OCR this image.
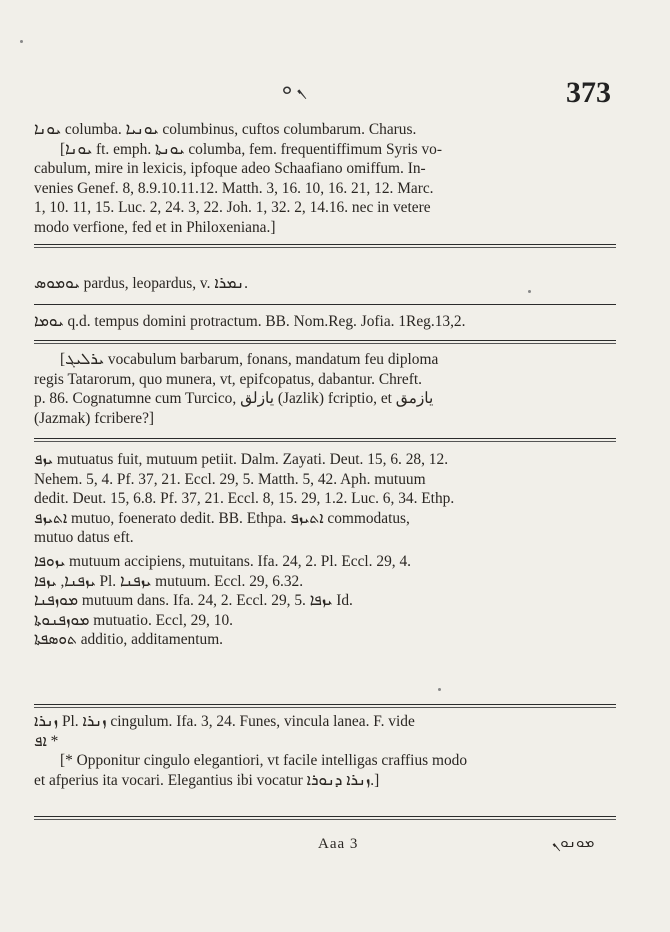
ܢ ܘ	373
ܝܘܢܐ columba. ܝܘܢܝܐ columbinus, cuftos columbarum. Charus.
[ܝܘܢܐ ft. emph. ܝܘܢܬܐ columba, fem. frequentiffimum Syris vo-
cabulum, mire in lexicis, ipfoque adeo Schaafiano omiffum. In-
venies Genef. 8, 8.9.10.11.12. Matth. 3, 16. 10, 16. 21, 12. Marc.
1, 10. 11, 15. Luc. 2, 24. 3, 22. Joh. 1, 32. 2, 14.16. nec in vetere
modo verfione, fed et in Philoxeniana.]
ܝܘܡܘܣ pardus, leopardus, v. ܢܡܪܐ.
ܝܘܡܐ q.d. tempus domini protractum. BB. Nom.Reg. Jofia. 1Reg.13,2.
[ܝܪܠܝܓ vocabulum barbarum, fonans, mandatum feu diploma
regis Tatarorum, quo munera, vt, epifcopatus, dabantur. Chreft.
p. 86. Cognatumne cum Turcico, یازلق (Jazlik) fcriptio, et یازمق
(Jazmak) fcribere?]
ܝܙܦ mutuatus fuit, mutuum petiit. Dalm. Zayati. Deut. 15, 6. 28, 12.
Nehem. 5, 4. Pf. 37, 21. Eccl. 29, 5. Matth. 5, 42. Aph. mutuum
dedit. Deut. 15, 6.8. Pf. 37, 21. Eccl. 8, 15. 29, 1.2. Luc. 6, 34. Ethp.
ܐܬܝܙܦ mutuo, foenerato dedit. BB. Ethpa. ܐܬܝܙܦ commodatus,
mutuo datus eft.
ܝܙܘܦܐ mutuum accipiens, mutuitans. Ifa. 24, 2. Pl. Eccl. 29, 4.
ܝܙܦܢܐ, ܝܙܦܐ Pl. ܝܙܦܢܐ mutuum. Eccl. 29, 6.32.
ܡܘܙܦܢܐ mutuum dans. Ifa. 24, 2. Eccl. 29, 5. ܝܙܦܐ Id.
ܡܘܙܦܢܘܬܐ mutuatio. Eccl, 29, 10.
ܬܘܣܦܬܐ additio, additamentum.
ܙܢܪܐ Pl. ܙܢܪܐ cingulum. Ifa. 3, 24. Funes, vincula lanea. F. vide
ܐܦ *
[* Opponitur cingulo elegantiori, vt facile intelligas craffius modo
et afperius ita vocari. Elegantius ibi vocatur ܙܢܪܐ ܕܢܘܪܐ.]
Aaa 3	ܡܘܢܘܢ
